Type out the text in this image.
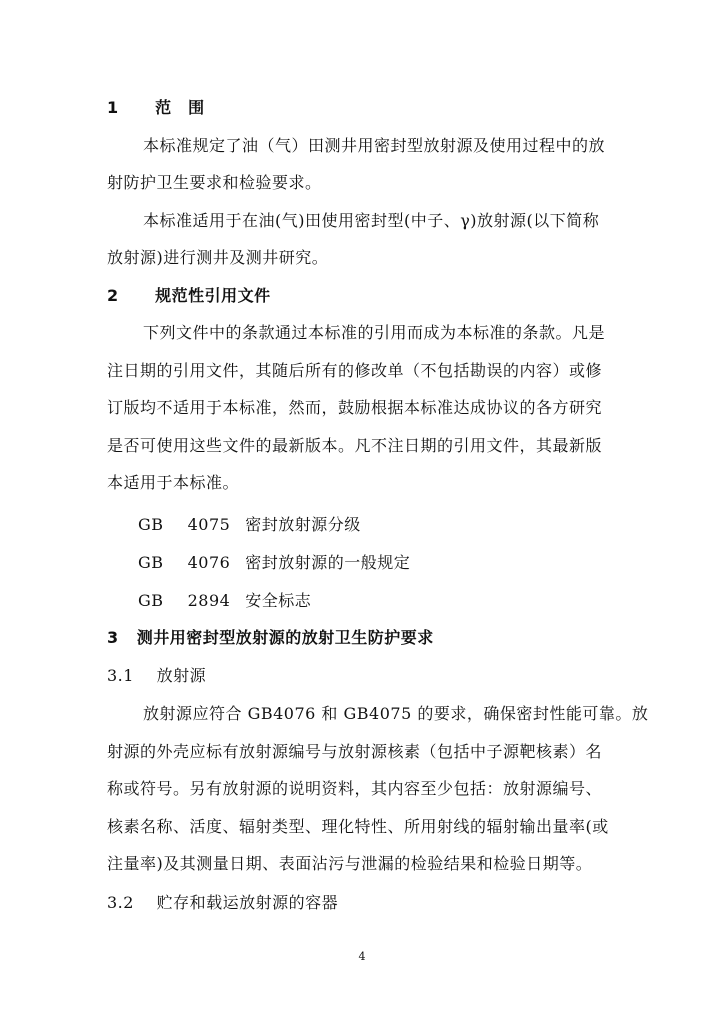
1 范　围
本标准规定了油（气）田测井用密封型放射源及使用过程中的放
射防护卫生要求和检验要求。
本标准适用于在油(气)田使用密封型(中子、γ)放射源(以下简称
放射源)进行测井及测井研究。
2 规范性引用文件
下列文件中的条款通过本标准的引用而成为本标准的条款。凡是
注日期的引用文件，其随后所有的修改单（不包括勘误的内容）或修
订版均不适用于本标准，然而，鼓励根据本标准达成协议的各方研究
是否可使用这些文件的最新版本。凡不注日期的引用文件，其最新版
本适用于本标准。
GB 4075 密封放射源分级
GB 4076 密封放射源的一般规定
GB 2894 安全标志
3 测井用密封型放射源的放射卫生防护要求
3.1 放射源
放射源应符合 GB4076 和 GB4075 的要求，确保密封性能可靠。放
射源的外壳应标有放射源编号与放射源核素（包括中子源靶核素）名
称或符号。另有放射源的说明资料，其内容至少包括：放射源编号、
核素名称、活度、辐射类型、理化特性、所用射线的辐射输出量率(或
注量率)及其测量日期、表面沾污与泄漏的检验结果和检验日期等。
3.2 贮存和载运放射源的容器
4
